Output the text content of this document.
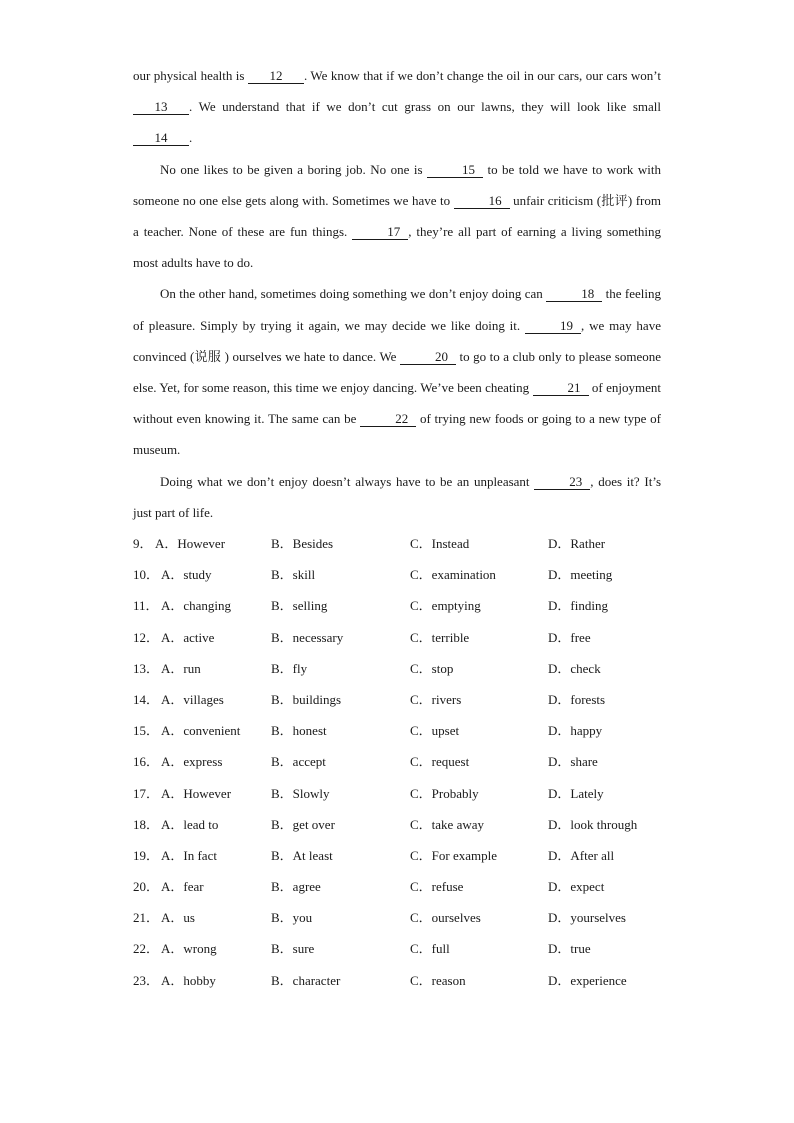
our physical health is 12 . We know that if we don’t change the oil in our cars, our cars won’t 13 . We understand that if we don’t cut grass on our lawns, they will look like small 14 .

No one likes to be given a boring job. No one is	15 to be told we have to work with someone no one else gets along with. Sometimes we have to	16 unfair criticism (批评) from a teacher. None of these are fun things.	17 , they’re all part of earning a living something most adults have to do.

On the other hand, sometimes doing something we don’t enjoy doing can	18 the feeling of pleasure. Simply by trying it again, we may decide we like doing it.	19 , we may have convinced (说服 ) ourselves we hate to dance. We	20 to go to a club only to please someone else. Yet, for some reason, this time we enjoy dancing. We’ve been cheating	21 of enjoyment without even knowing it. The same can be	22 of trying new foods or going to a new type of museum.

Doing what we don’t enjoy doesn’t always have to be an unpleasant	23 , does it? It’s just part of life.

9． A．However	B．Besides	C．Instead	D．Rather
10． A．study	B．skill	C．examination	D．meeting
11． A．changing	B．selling	C．emptying	D．finding
12． A．active	B．necessary	C．terrible	D．free
13． A．run	B．fly	C．stop	D．check
14． A．villages	B．buildings	C．rivers	D．forests
15． A．convenient B．honest	C．upset	D．happy
16． A．express	B．accept	C．request	D．share
17． A．However	B．Slowly	C．Probably	D．Lately
18． A．lead to	B．get over	C．take away	D．look through
19． A．In fact	B．At least	C．For example	D．After all
20． A．fear	B．agree	C．refuse	D．expect
21． A．us	B．you	C．ourselves	D．yourselves
22． A．wrong	B．sure	C．full	D．true
23． A．hobby	B．character	C．reason	D．experience
